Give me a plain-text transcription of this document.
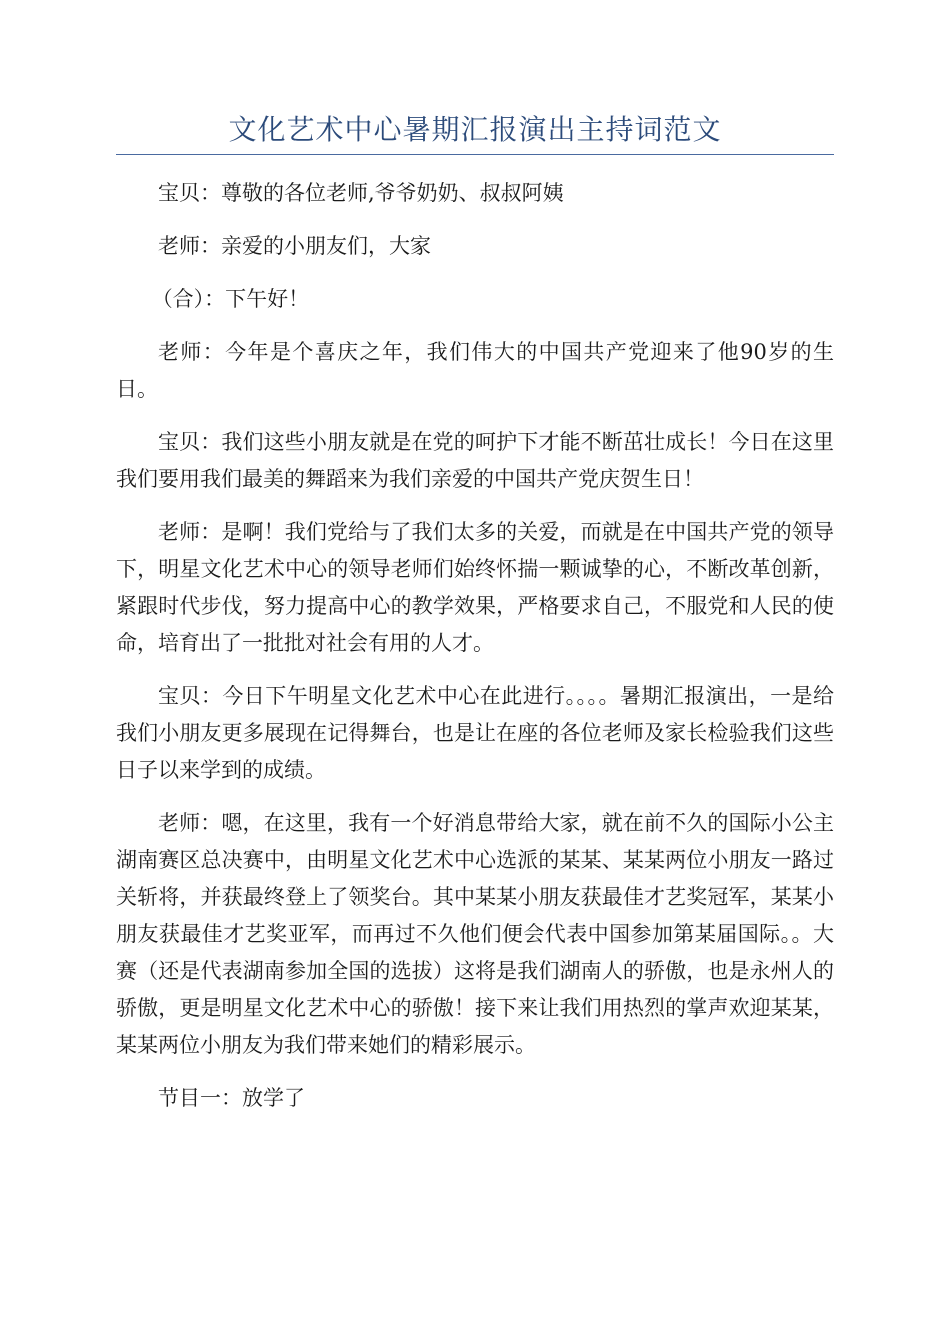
文化艺术中心暑期汇报演出主持词范文

宝贝：尊敬的各位老师,爷爷奶奶、叔叔阿姨

老师：亲爱的小朋友们，大家

（合）：下午好！

老师：今年是个喜庆之年，我们伟大的中国共产党迎来了他90岁的生日。

宝贝：我们这些小朋友就是在党的呵护下才能不断茁壮成长！今日在这里我们要用我们最美的舞蹈来为我们亲爱的中国共产党庆贺生日！

老师：是啊！我们党给与了我们太多的关爱，而就是在中国共产党的领导下，明星文化艺术中心的领导老师们始终怀揣一颗诚挚的心，不断改革创新，紧跟时代步伐，努力提高中心的教学效果，严格要求自己，不服党和人民的使命，培育出了一批批对社会有用的人才。

宝贝：今日下午明星文化艺术中心在此进行。。。。暑期汇报演出，一是给我们小朋友更多展现在记得舞台，也是让在座的各位老师及家长检验我们这些日子以来学到的成绩。

老师：嗯，在这里，我有一个好消息带给大家，就在前不久的国际小公主湖南赛区总决赛中，由明星文化艺术中心选派的某某、某某两位小朋友一路过关斩将，并获最终登上了领奖台。其中某某小朋友获最佳才艺奖冠军，某某小朋友获最佳才艺奖亚军，而再过不久他们便会代表中国参加第某届国际。。大赛（还是代表湖南参加全国的选拔）这将是我们湖南人的骄傲，也是永州人的骄傲，更是明星文化艺术中心的骄傲！接下来让我们用热烈的掌声欢迎某某，某某两位小朋友为我们带来她们的精彩展示。

节目一：放学了
